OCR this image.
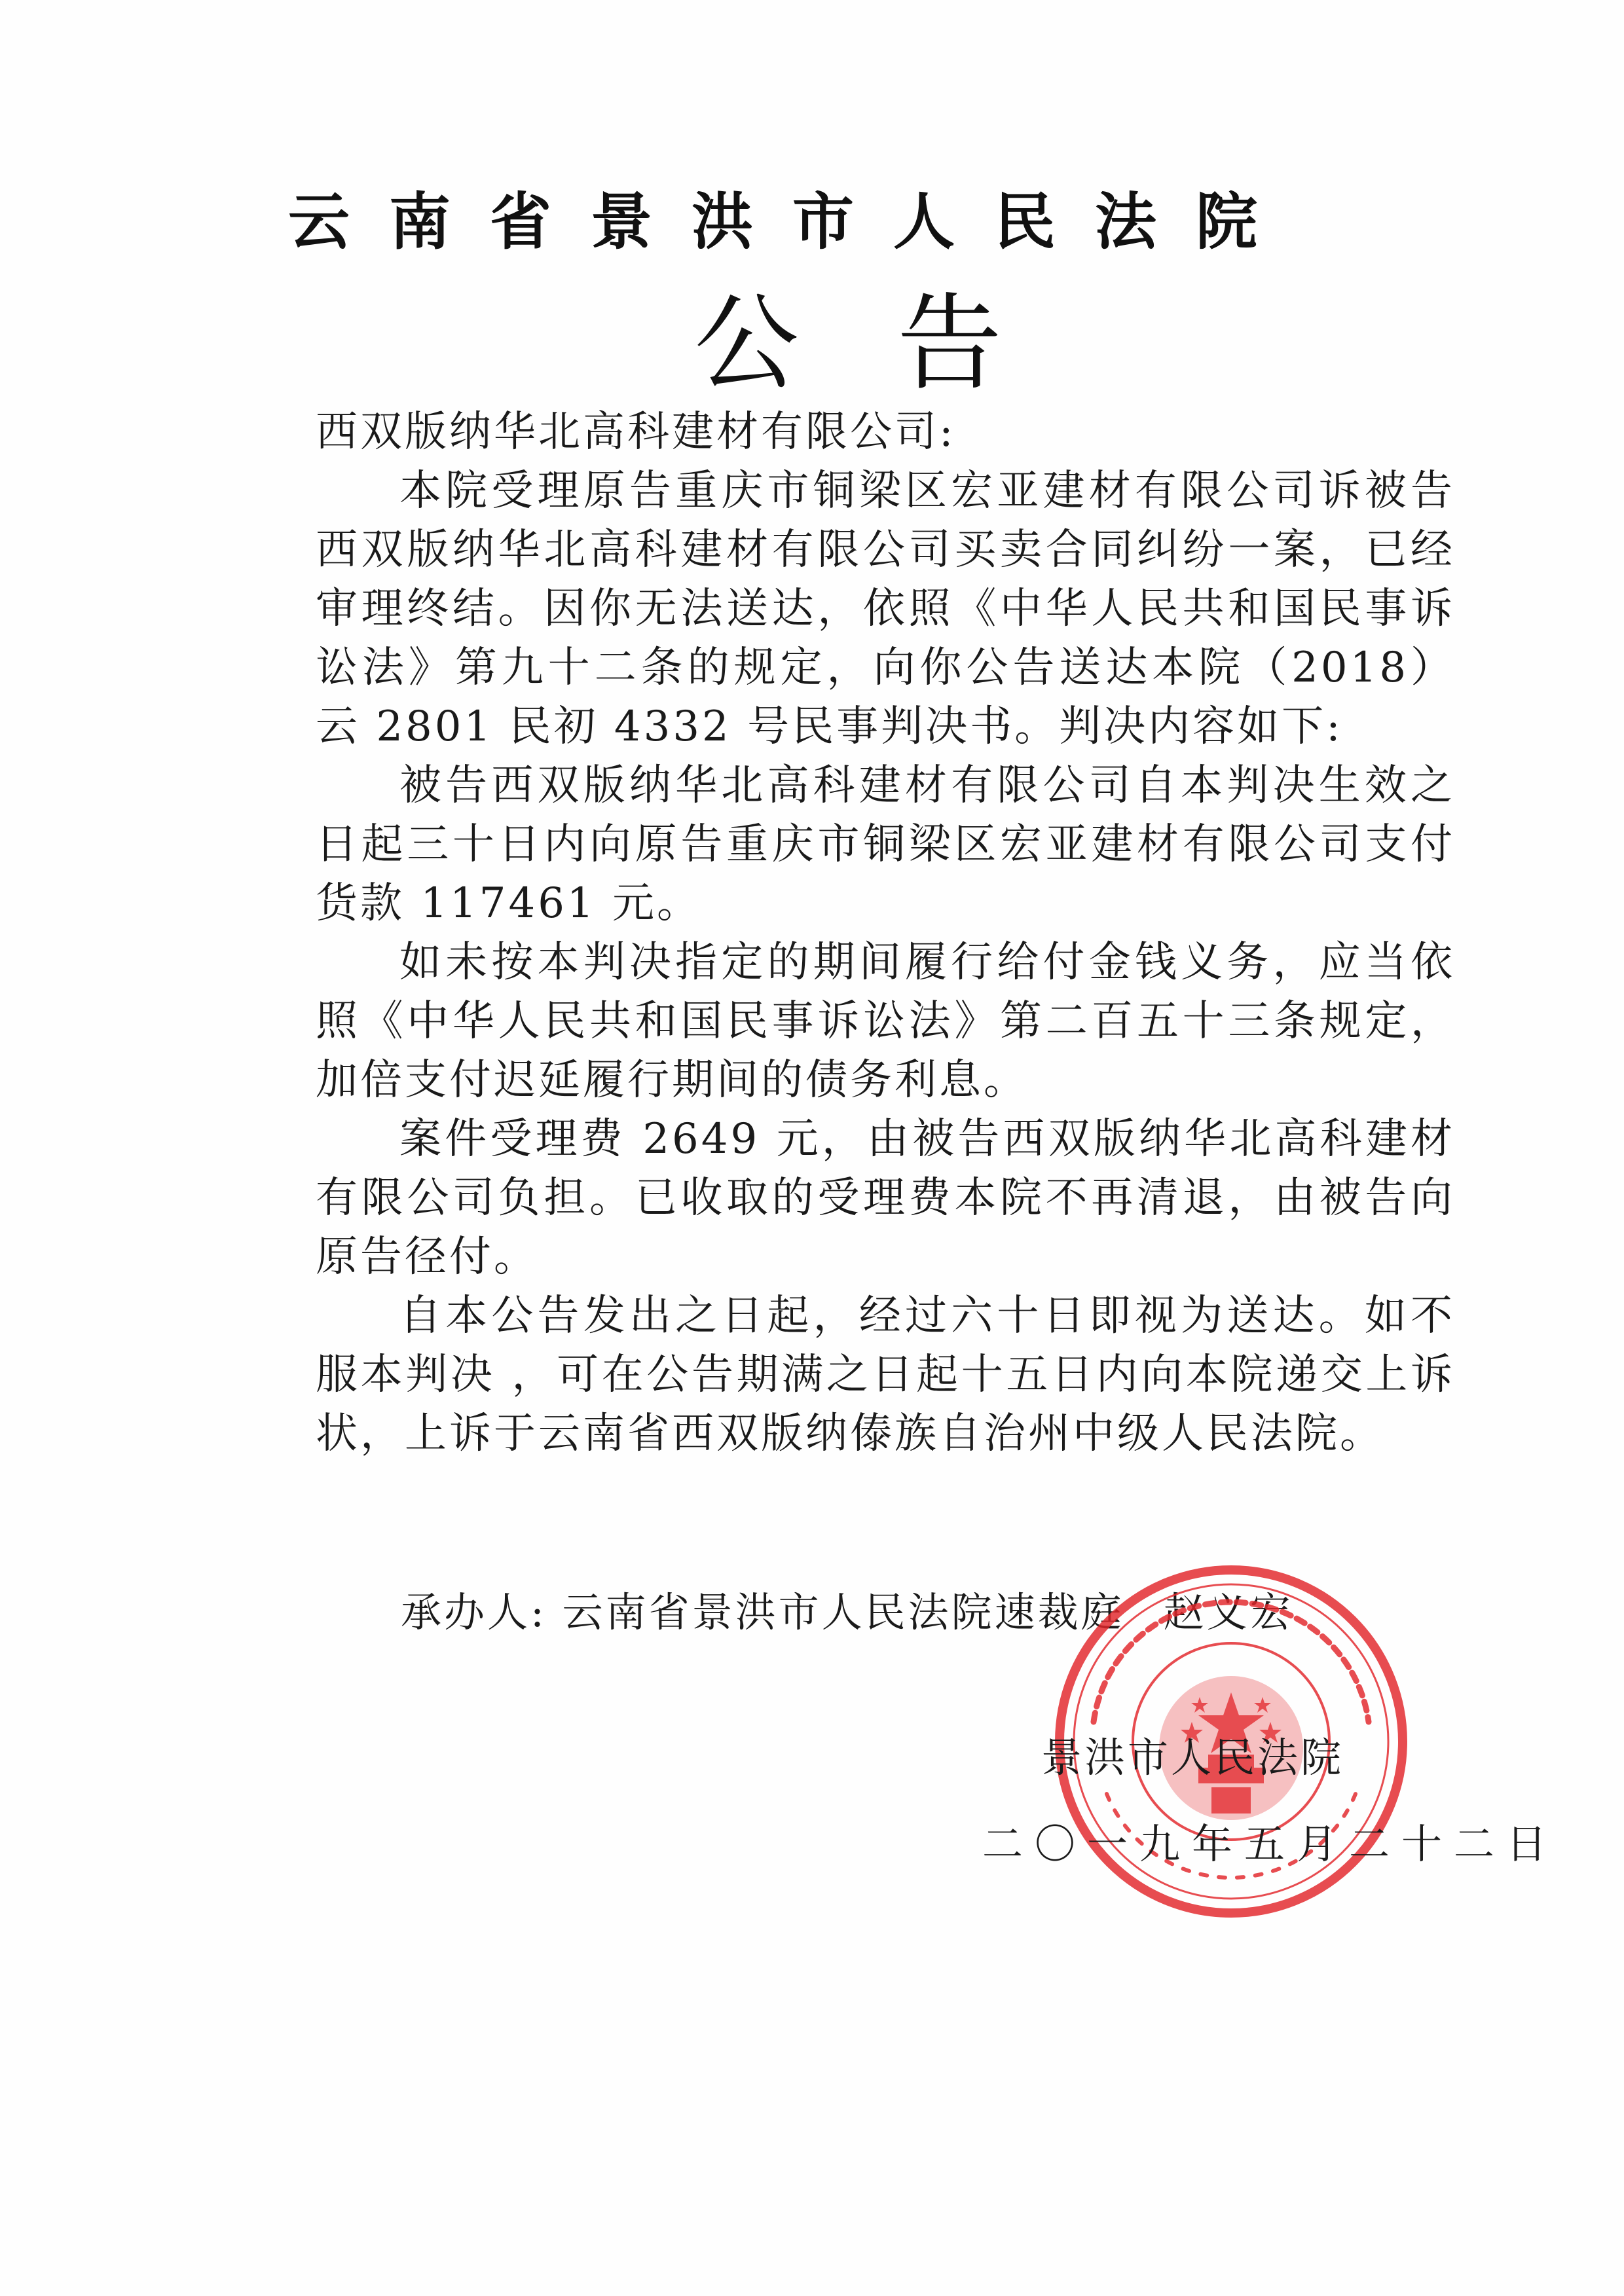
云南省景洪市人民法院
公告

西双版纳华北高科建材有限公司:

本院受理原告重庆市铜梁区宏亚建材有限公司诉被告西双版纳华北高科建材有限公司买卖合同纠纷一案，已经审理终结。因你无法送达，依照《中华人民共和国民事诉讼法》第九十二条的规定，向你公告送达本院（2018）云 2801 民初 4332 号民事判决书。判决内容如下:

被告西双版纳华北高科建材有限公司自本判决生效之日起三十日内向原告重庆市铜梁区宏亚建材有限公司支付货款 117461 元。

如未按本判决指定的期间履行给付金钱义务，应当依照《中华人民共和国民事诉讼法》第二百五十三条规定，加倍支付迟延履行期间的债务利息。

案件受理费 2649 元，由被告西双版纳华北高科建材有限公司负担。已收取的受理费本院不再清退，由被告向原告径付。

自本公告发出之日起，经过六十日即视为送达。如不服本判决 ，可在公告期满之日起十五日内向本院递交上诉状，上诉于云南省西双版纳傣族自治州中级人民法院。

承办人: 云南省景洪市人民法院速裁庭 赵义宏
景洪市人民法院
二〇一九年五月二十二日
